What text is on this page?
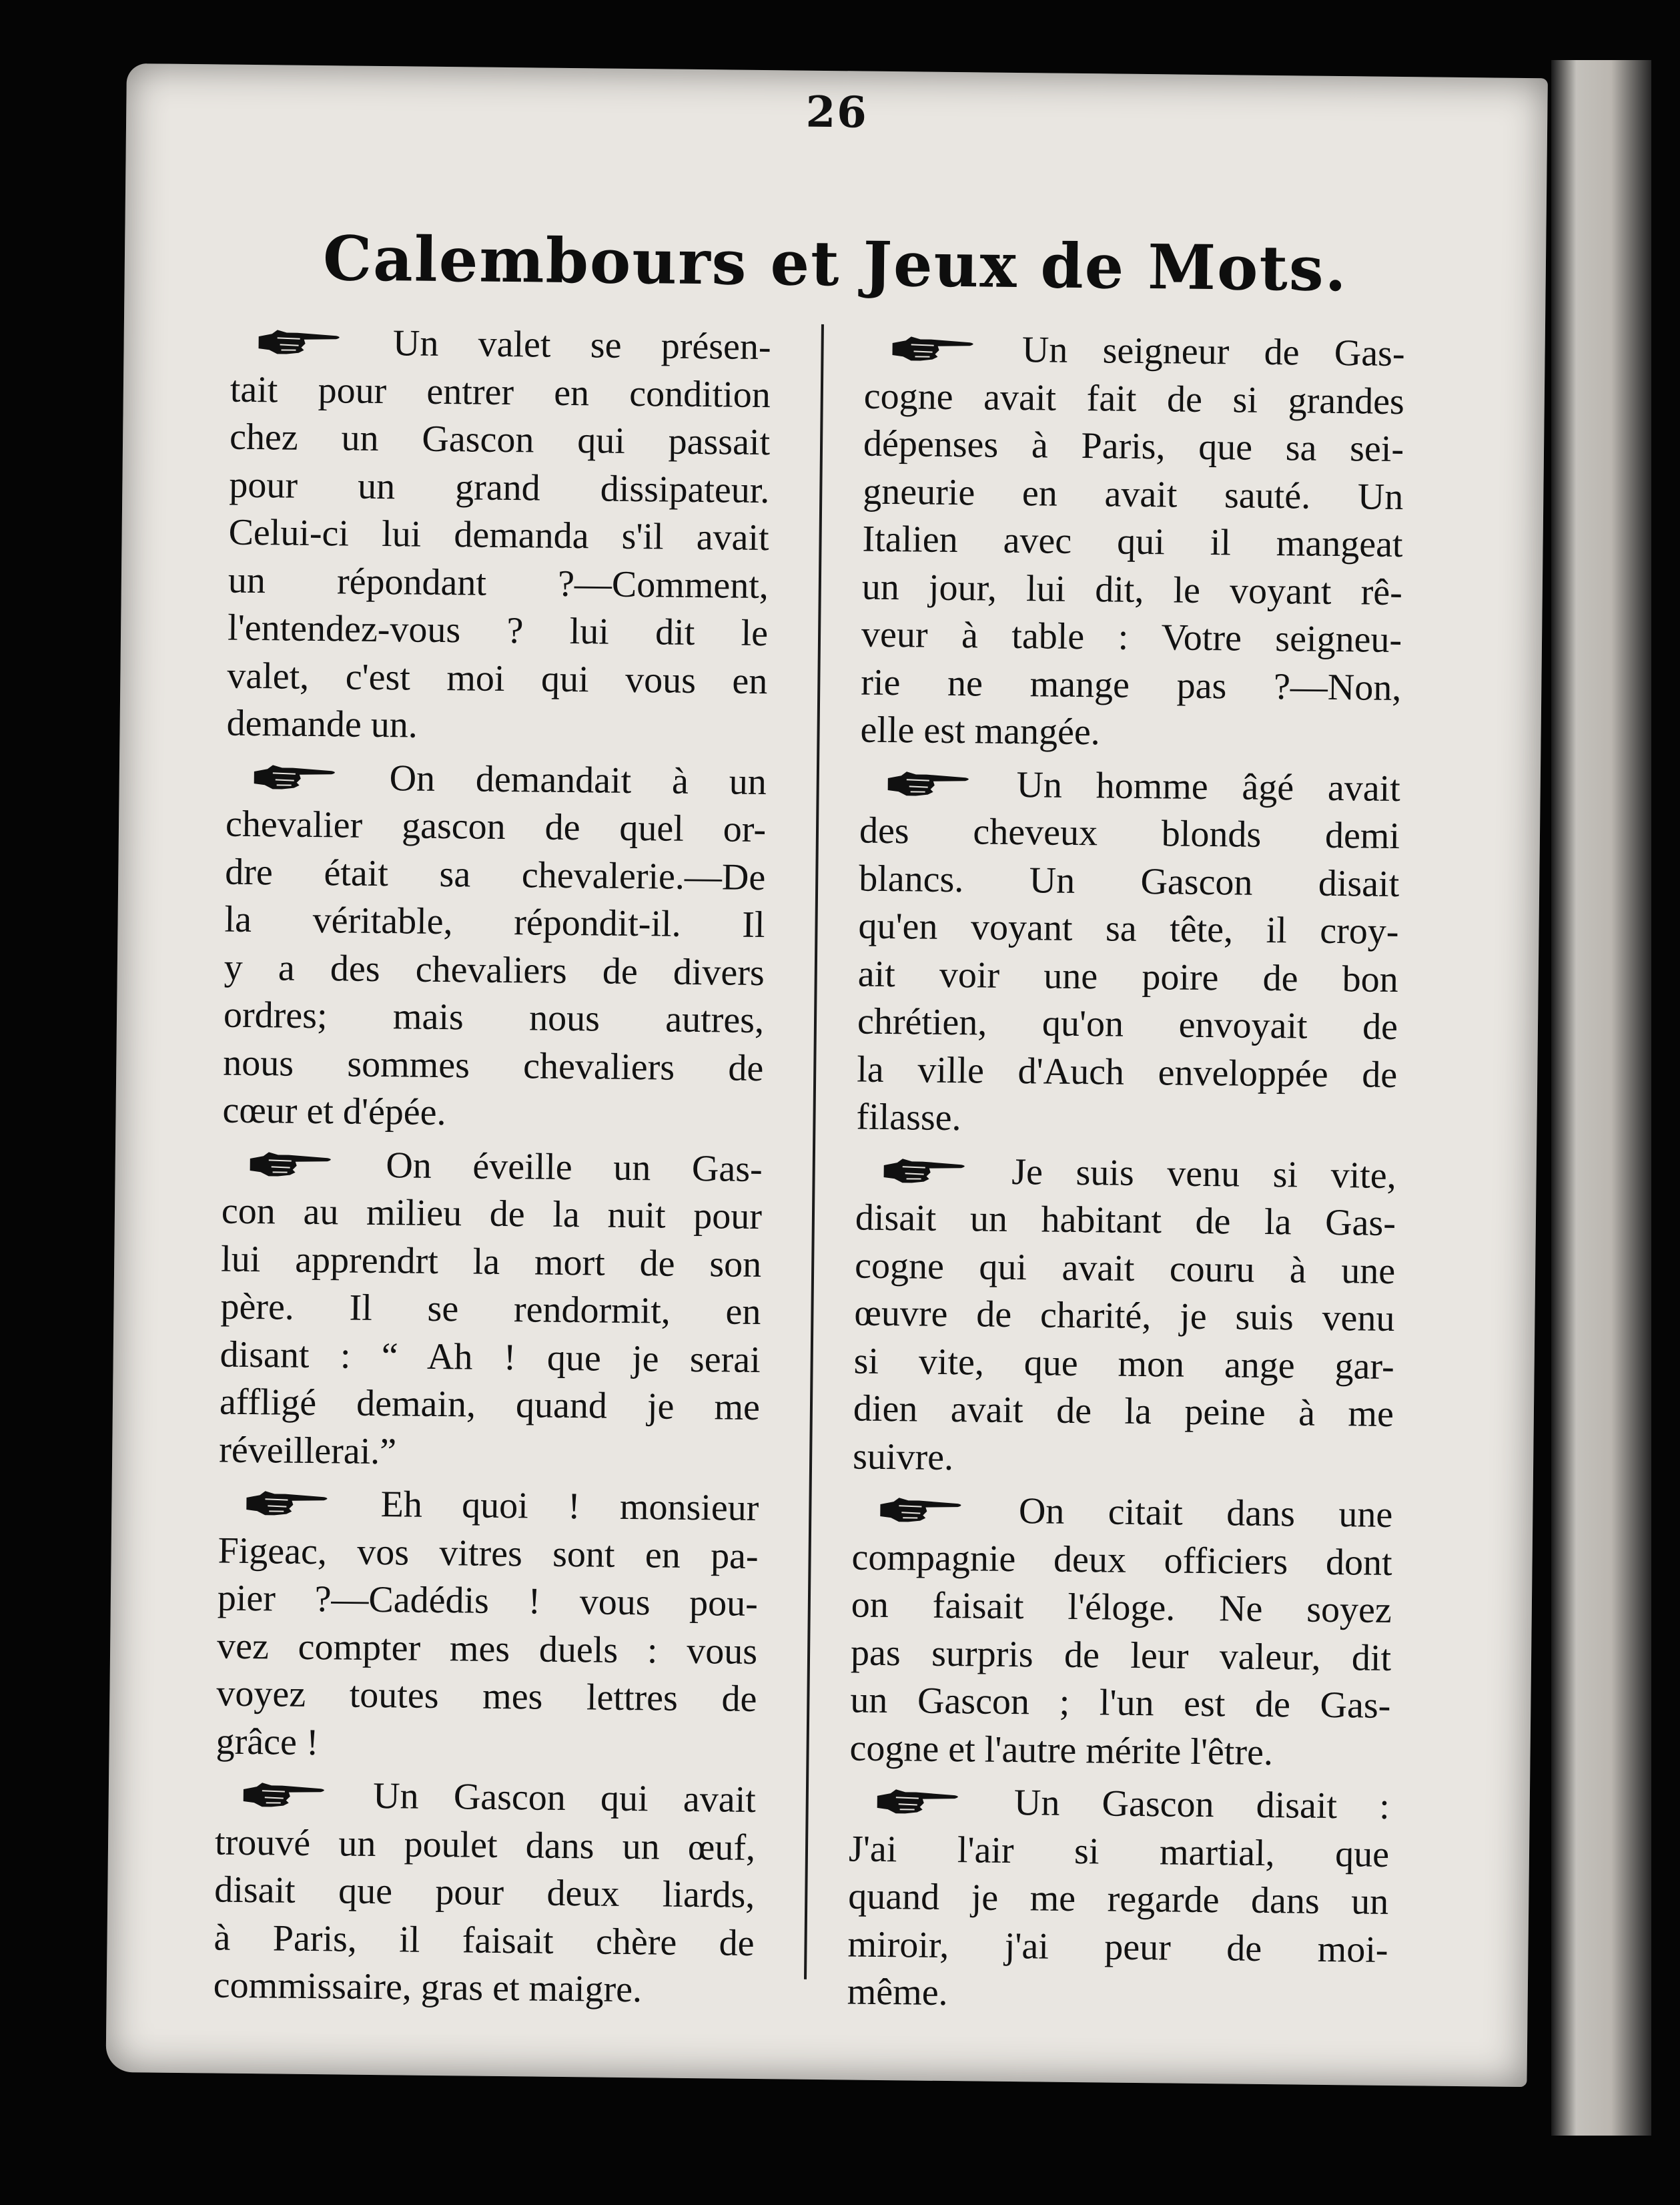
26
Calembours et Jeux de Mots.
Un valet se présen-
tait pour entrer en condition
chez un Gascon qui passait
pour un grand dissipateur.
Celui-ci lui demanda s'il avait
un répondant ?—Comment,
l'entendez-vous ? lui dit le
valet, c'est moi qui vous en
demande un.
On demandait à un
chevalier gascon de quel or-
dre était sa chevalerie.—De
la véritable, répondit-il. Il
y a des chevaliers de divers
ordres; mais nous autres,
nous sommes chevaliers de
cœur et d'épée.
On éveille un Gas-
con au milieu de la nuit pour
lui apprendrt la mort de son
père. Il se rendormit, en
disant : “ Ah ! que je serai
affligé demain, quand je me
réveillerai.”
Eh quoi ! monsieur
Figeac, vos vitres sont en pa-
pier ?—Cadédis ! vous pou-
vez compter mes duels : vous
voyez toutes mes lettres de
grâce !
Un Gascon qui avait
trouvé un poulet dans un œuf,
disait que pour deux liards,
à Paris, il faisait chère de
commissaire, gras et maigre.
Un seigneur de Gas-
cogne avait fait de si grandes
dépenses à Paris, que sa sei-
gneurie en avait sauté. Un
Italien avec qui il mangeat
un jour, lui dit, le voyant rê-
veur à table : Votre seigneu-
rie ne mange pas ?—Non,
elle est mangée.
Un homme âgé avait
des cheveux blonds demi
blancs. Un Gascon disait
qu'en voyant sa tête, il croy-
ait voir une poire de bon
chrétien, qu'on envoyait de
la ville d'Auch enveloppée de
filasse.
Je suis venu si vite,
disait un habitant de la Gas-
cogne qui avait couru à une
œuvre de charité, je suis venu
si vite, que mon ange gar-
dien avait de la peine à me
suivre.
On citait dans une
compagnie deux officiers dont
on faisait l'éloge. Ne soyez
pas surpris de leur valeur, dit
un Gascon ; l'un est de Gas-
cogne et l'autre mérite l'être.
Un Gascon disait :
J'ai l'air si martial, que
quand je me regarde dans un
miroir, j'ai peur de moi-
même.
